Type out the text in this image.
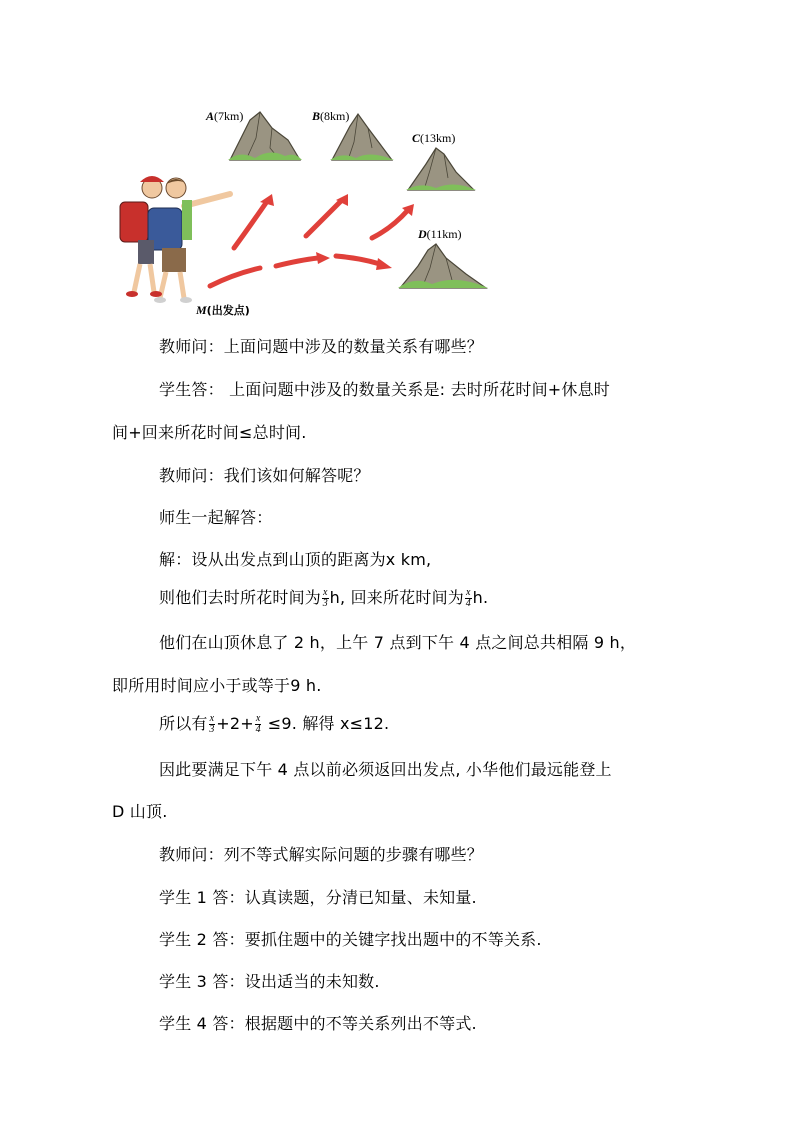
A(7km)	B(8km)
C(13km)
D(11km)
M(出发点)
教师问：上面问题中涉及的数量关系有哪些？
学生答： 上面问题中涉及的数量关系是: 去时所花时间+休息时
间+回来所花时间≤总时间.
教师问：我们该如何解答呢？
师生一起解答：
解：设从出发点到山顶的距离为x km,
则他们去时所花时间为 $\frac{x}{3} h$, 回来所花时间为 $\frac{x}{4} h$.
他们在山顶休息了 2 h，上午 7 点到下午 4 点之间总共相隔 9 h，
即所用时间应小于或等于9 h.
所以有 $\frac{x}{3} +2+ \frac{x}{4} \le 9$. 解得 x≤12.
因此要满足下午 4 点以前必须返回出发点, 小华他们最远能登上
D 山顶.
教师问：列不等式解实际问题的步骤有哪些？
学生 1 答：认真读题，分清已知量、未知量.
学生 2 答：要抓住题中的关键字找出题中的不等关系.
学生 3 答：设出适当的未知数.
学生 4 答：根据题中的不等关系列出不等式.
